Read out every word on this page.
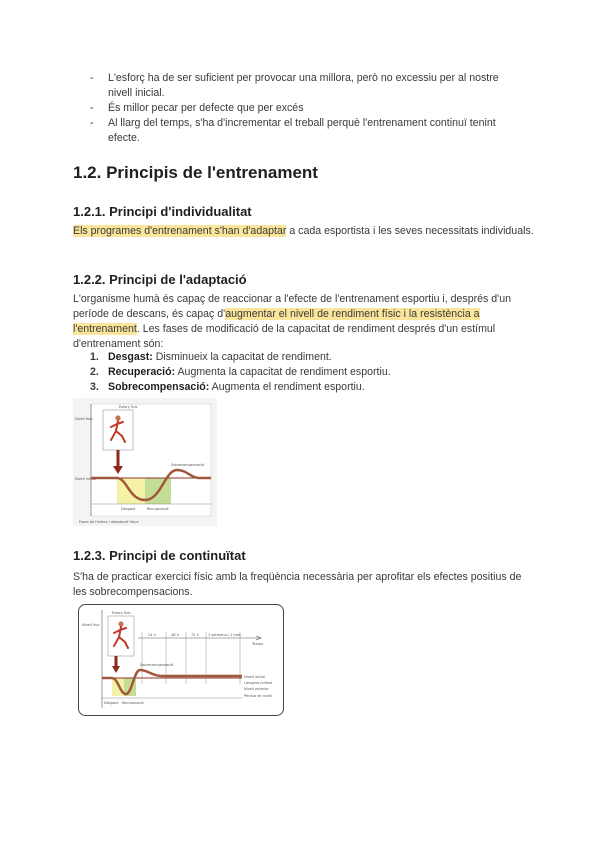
- L'esforç ha de ser suficient per provocar una millora, però no excessiu per al nostre nivell inicial.
- És millor pecar per defecte que per excés
- Al llarg del temps, s'ha d'incrementar el treball perquè l'entrenament continuï tenint efecte.
1.2. Principis de l'entrenament
1.2.1. Principi d'individualitat

Els programes d'entrenament s'han d'adaptar a cada esportista i les seves necessitats individuals.

1.2.2. Principi de l'adaptació

L'organisme humà és capaç de reaccionar a l'efecte de l'entrenament esportiu i, després d'un període de descans, és capaç d'augmentar el nivell de rendiment físic i la resistència a l'entrenament. Les fases de modificació de la capacitat de rendiment després d'un estímul d'entrenament són:

1. Desgast: Disminueix la capacitat de rendiment.
2. Recuperació: Augmenta la capacitat de rendiment esportiu.
3. Sobrecompensació: Augmenta el rendiment esportiu.
Nivell físic
Nivell inicial
Esforç físic
Sobrecompensació
Desgast	Recuperació
Fases de l'esforç i adaptació física
1.2.3. Principi de continuïtat

S'ha de practicar exercici físic amb la freqüència necessària per aprofitar els efectes positius de les sobrecompensacions.

Nivell físic
Esforç físic
Temps
24 h	48 h	72 h	1 setmana / 1 mes
Sobrecompensació
Nivell inicial
Lleugera millora
Nivell anterior
Pèrdua de nivell
Desgast Recuperació
